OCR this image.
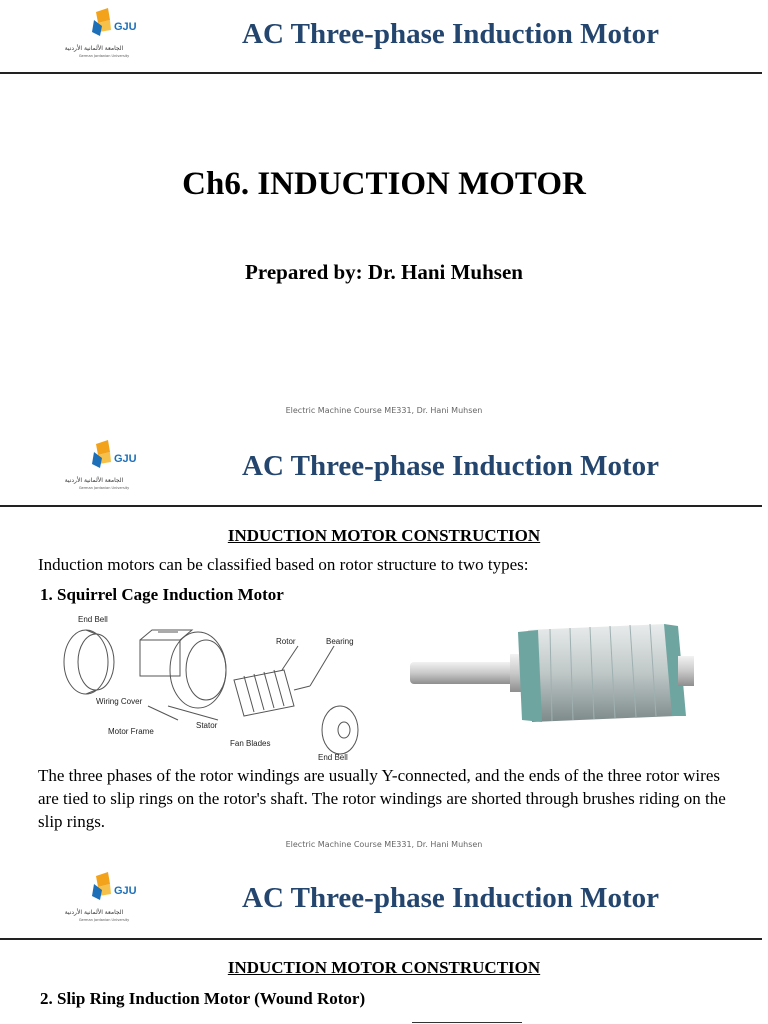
GJU
الجامعة الألمانية الأردنية
German Jordanian University
AC Three-phase Induction Motor
Ch6. INDUCTION MOTOR
Prepared by: Dr. Hani Muhsen
Electric Machine Course ME331, Dr. Hani Muhsen
GJU
الجامعة الألمانية الأردنية
German Jordanian University
AC Three-phase Induction Motor
INDUCTION MOTOR CONSTRUCTION
Induction motors can be classified based on rotor structure to two types:
1. Squirrel Cage Induction Motor
End Bell
Rotor	Bearing
Wiring Cover
Motor Frame
Stator
Fan Blades
End Bell
The three phases of the rotor windings are usually Y-connected, and the ends of the three rotor wires are tied to slip rings on the rotor's shaft. The rotor windings are shorted through brushes riding on the slip rings.
Electric Machine Course ME331, Dr. Hani Muhsen
GJU
الجامعة الألمانية الأردنية
German Jordanian University
AC Three-phase Induction Motor
INDUCTION MOTOR CONSTRUCTION
2. Slip Ring Induction Motor (Wound Rotor)
